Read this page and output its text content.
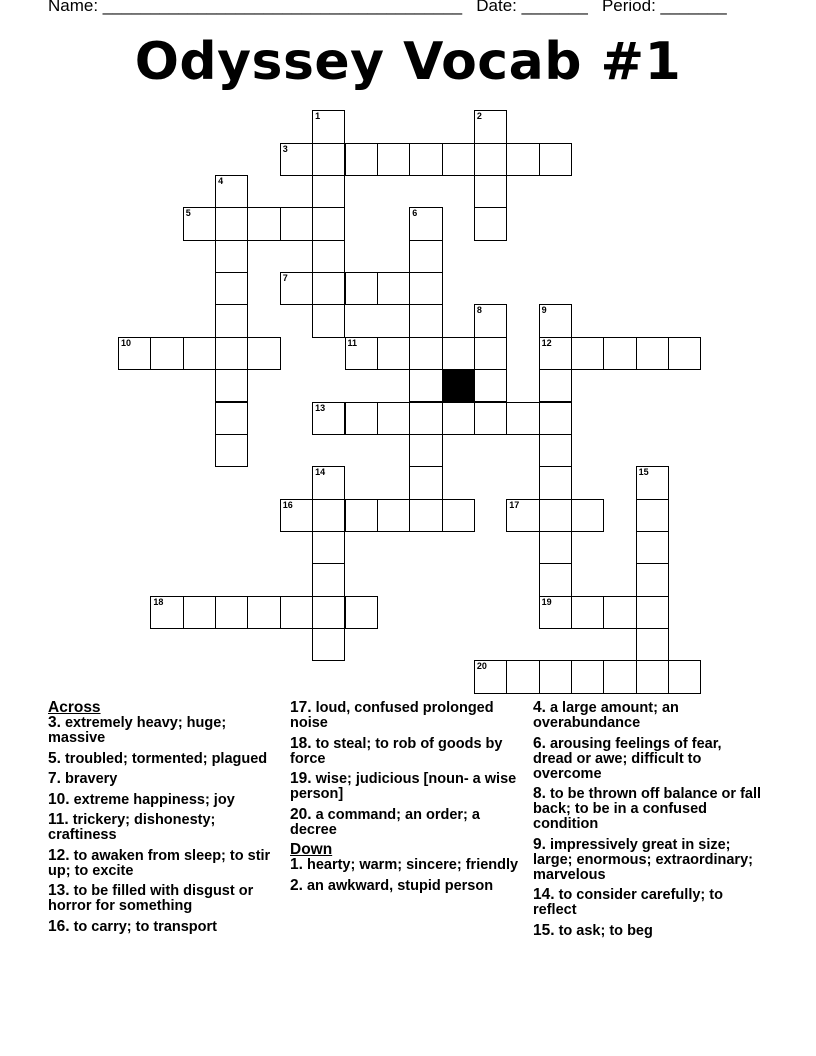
Name: ______________________________________   Date: _______   Period: _______
Odyssey Vocab #1
1	2
3
4
5	6
7
8	9
10	11	12
13
14	15
16	17
18	19
20
Across
3. extremely heavy; huge; massive
5. troubled; tormented; plagued
7. bravery
10. extreme happiness; joy
11. trickery; dishonesty; craftiness
12. to awaken from sleep; to stir up; to excite
13. to be filled with disgust or horror for something
16. to carry; to transport
17. loud, confused prolonged noise
18. to steal; to rob of goods by force
19. wise; judicious [noun- a wise person]
20. a command; an order; a decree
Down
1. hearty; warm; sincere; friendly
2. an awkward, stupid person
4. a large amount; an overabundance
6. arousing feelings of fear, dread or awe; difficult to overcome
8. to be thrown off balance or fall back; to be in a confused condition
9. impressively great in size; large; enormous; extraordinary; marvelous
14. to consider carefully; to reflect
15. to ask; to beg
